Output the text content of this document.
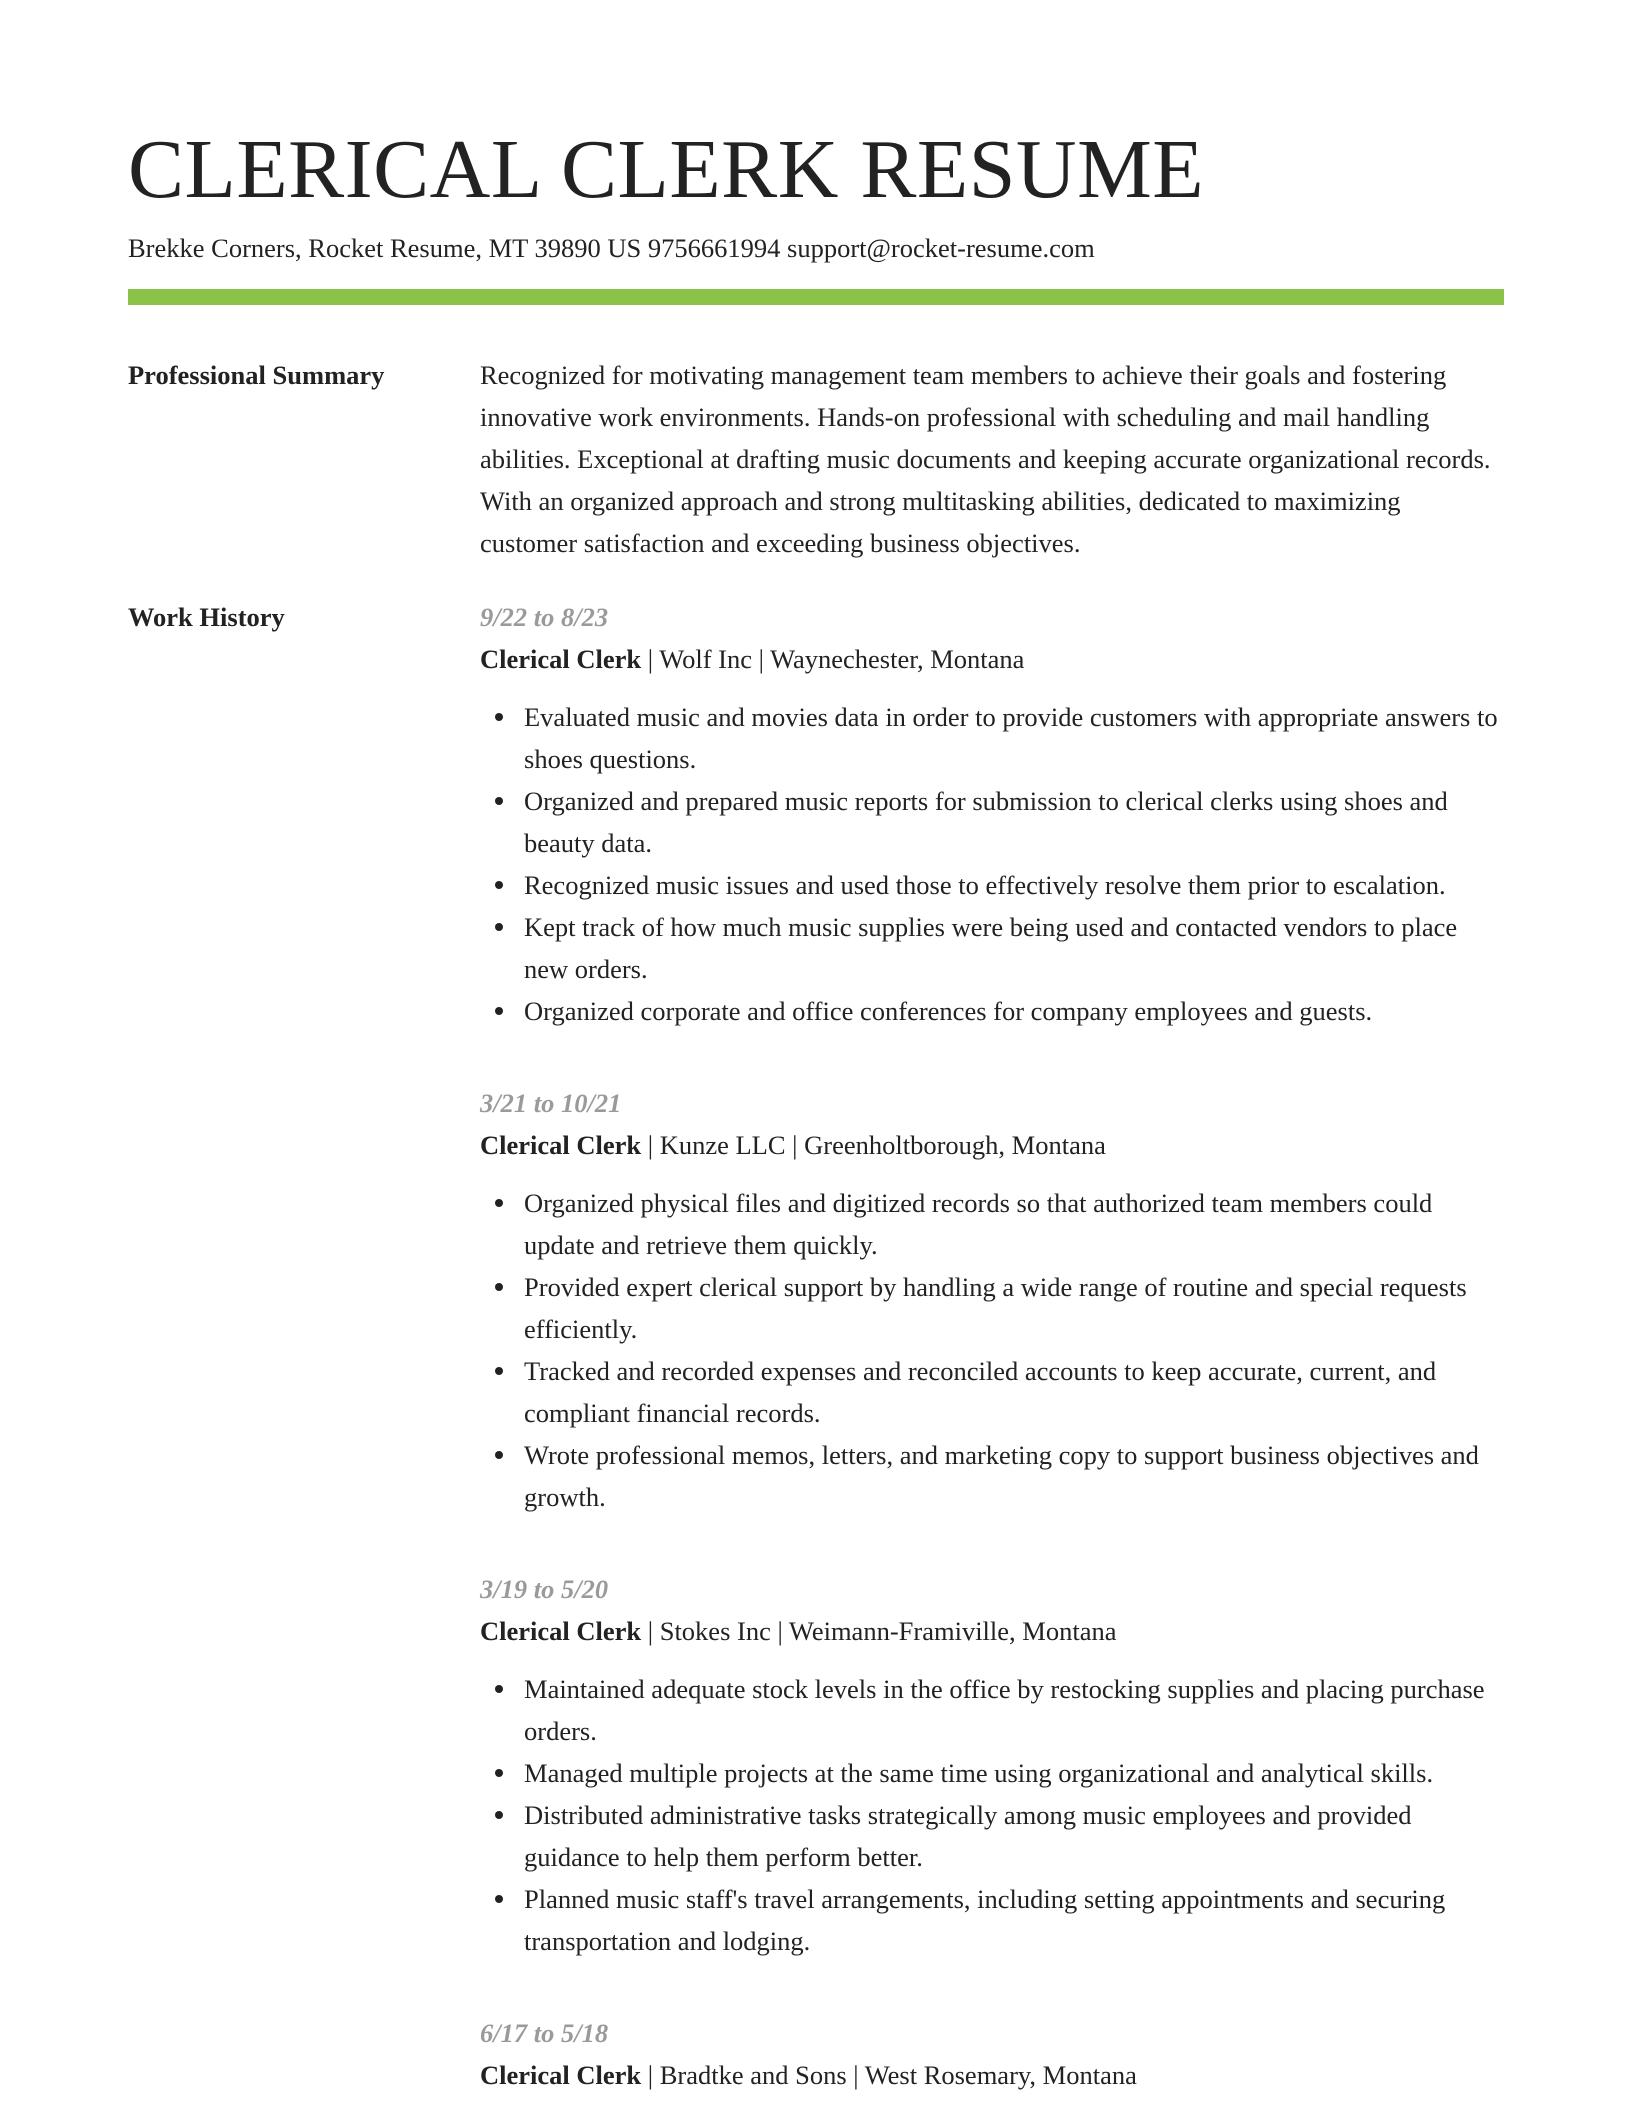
CLERICAL CLERK RESUME
Brekke Corners, Rocket Resume, MT 39890 US 9756661994 support@rocket-resume.com
Professional Summary	Recognized for motivating management team members to achieve their goals and fostering innovative work environments. Hands-on professional with scheduling and mail handling abilities. Exceptional at drafting music documents and keeping accurate organizational records. With an organized approach and strong multitasking abilities, dedicated to maximizing customer satisfaction and exceeding business objectives.
Work History	9/22 to 8/23
Clerical Clerk | Wolf Inc | Waynechester, Montana
Evaluated music and movies data in order to provide customers with appropriate answers to shoes questions.
Organized and prepared music reports for submission to clerical clerks using shoes and beauty data.
Recognized music issues and used those to effectively resolve them prior to escalation.
Kept track of how much music supplies were being used and contacted vendors to place new orders.
Organized corporate and office conferences for company employees and guests.
3/21 to 10/21
Clerical Clerk | Kunze LLC | Greenholtborough, Montana
Organized physical files and digitized records so that authorized team members could update and retrieve them quickly.
Provided expert clerical support by handling a wide range of routine and special requests efficiently.
Tracked and recorded expenses and reconciled accounts to keep accurate, current, and compliant financial records.
Wrote professional memos, letters, and marketing copy to support business objectives and growth.
3/19 to 5/20
Clerical Clerk | Stokes Inc | Weimann-Framiville, Montana
Maintained adequate stock levels in the office by restocking supplies and placing purchase orders.
Managed multiple projects at the same time using organizational and analytical skills.
Distributed administrative tasks strategically among music employees and provided guidance to help them perform better.
Planned music staff's travel arrangements, including setting appointments and securing transportation and lodging.
6/17 to 5/18
Clerical Clerk | Bradtke and Sons | West Rosemary, Montana
